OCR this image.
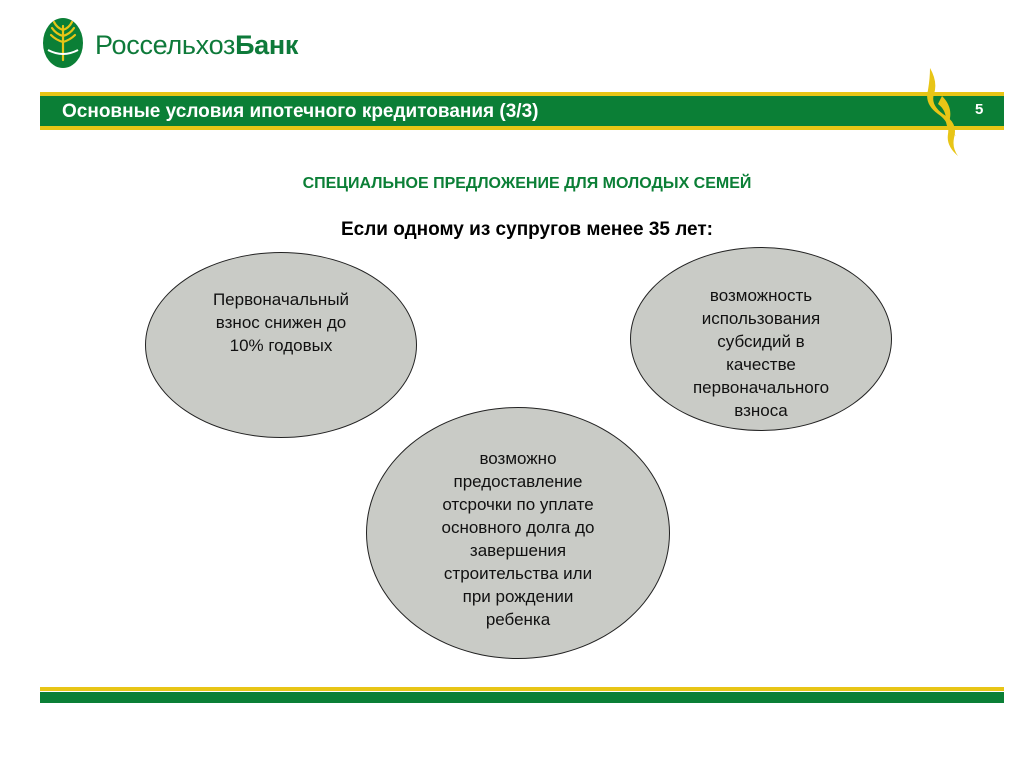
РоссельхозБанк
Основные условия ипотечного кредитования (3/3)	5
СПЕЦИАЛЬНОЕ ПРЕДЛОЖЕНИЕ ДЛЯ МОЛОДЫХ СЕМЕЙ
Если одному из супругов менее 35 лет:
Первоначальный
взнос снижен до
10% годовых
возможность
использования
субсидий в
качестве
первоначального
взноса
возможно
предоставление
отсрочки по уплате
основного долга до
завершения
строительства или
при рождении
ребенка
